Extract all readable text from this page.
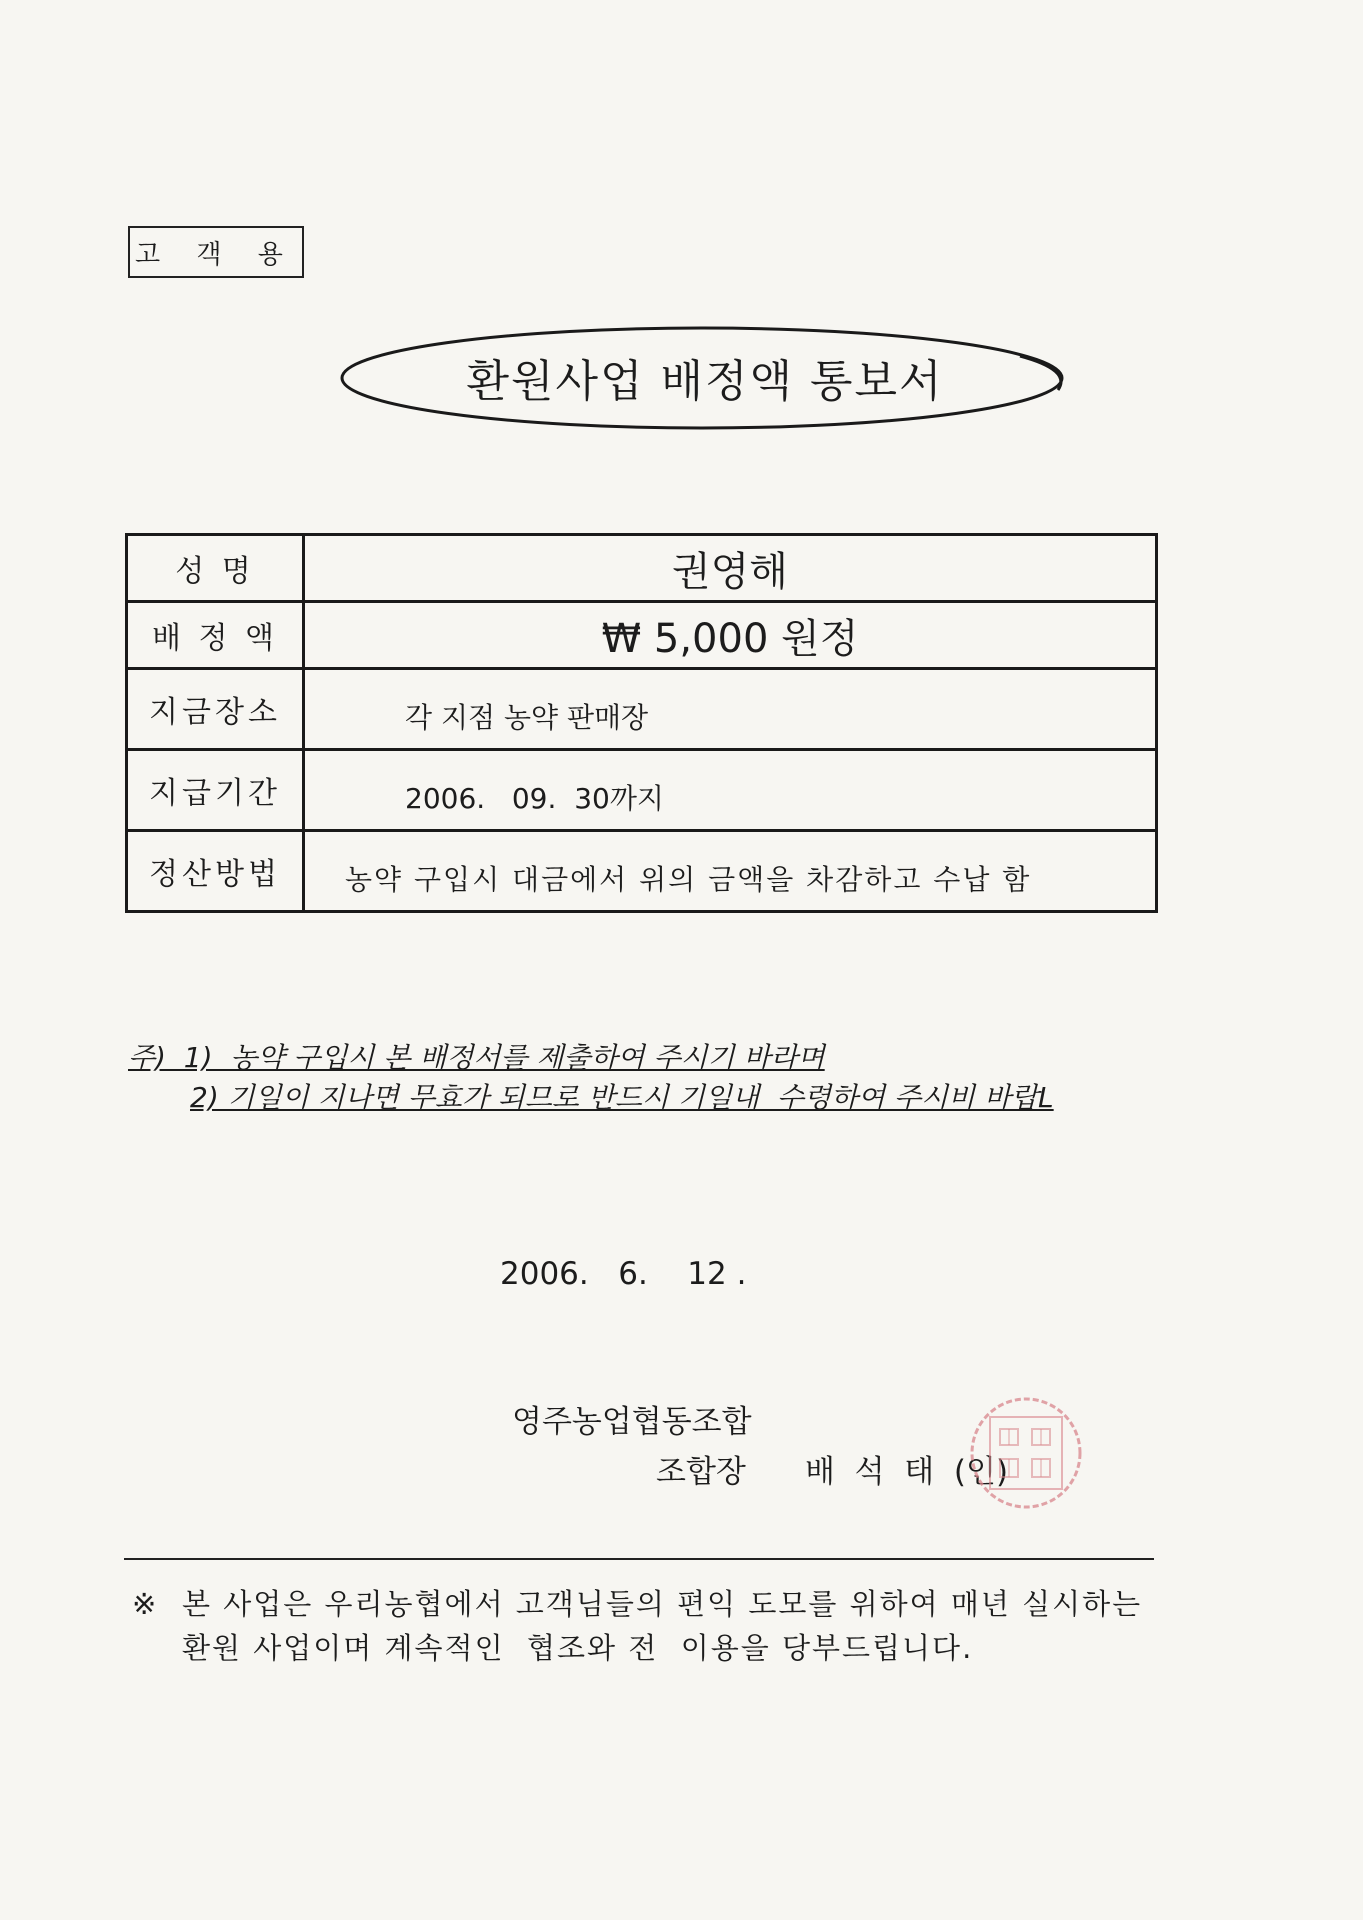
고 객 용
환원사업 배정액 통보서
성 명	권영해
배 정 액	₩ 5,000 원정
지금장소	각 지점 농약 판매장
지급기간	2006.   09.  30까지
정산방법	농약 구입시 대금에서 위의 금액을 차감하고 수납 함
주)  1)  농약 구입시 본 배정서를 제출하여 주시기 바라며
2) 기일이 지나면 무효가 되므로 반드시 기일내  수령하여 주시비 바랍L
2006.   6.    12 .
영주농업협동조합
조합장      배  석  태  (인)
※ 본 사업은 우리농협에서 고객님들의 편익 도모를 위하여 매년 실시하는
환원 사업이며 계속적인  협조와 전  이용을 당부드립니다.
